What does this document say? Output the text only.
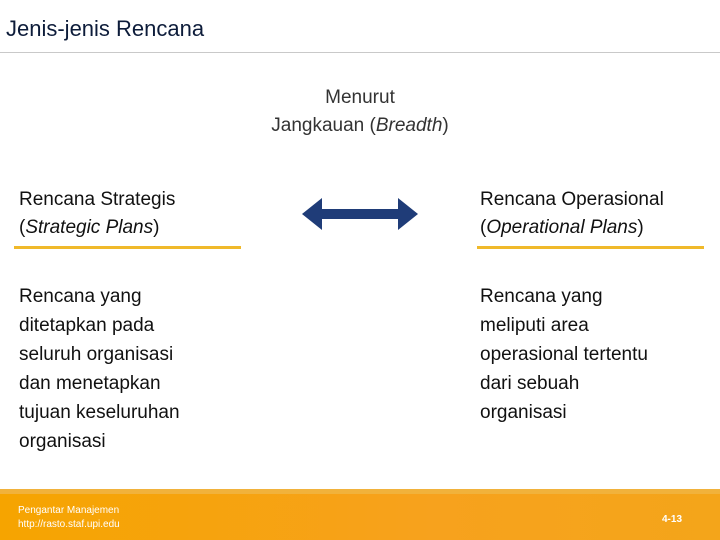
Jenis-jenis Rencana
Menurut
Jangkauan (Breadth)
Rencana Strategis
(Strategic Plans)
Rencana Operasional
(Operational Plans)
Rencana yang
ditetapkan pada
seluruh organisasi
dan menetapkan
tujuan keseluruhan
organisasi
Rencana yang
meliputi area
operasional tertentu
dari sebuah
organisasi
Pengantar Manajemen
http://rasto.staf.upi.edu	4-13
